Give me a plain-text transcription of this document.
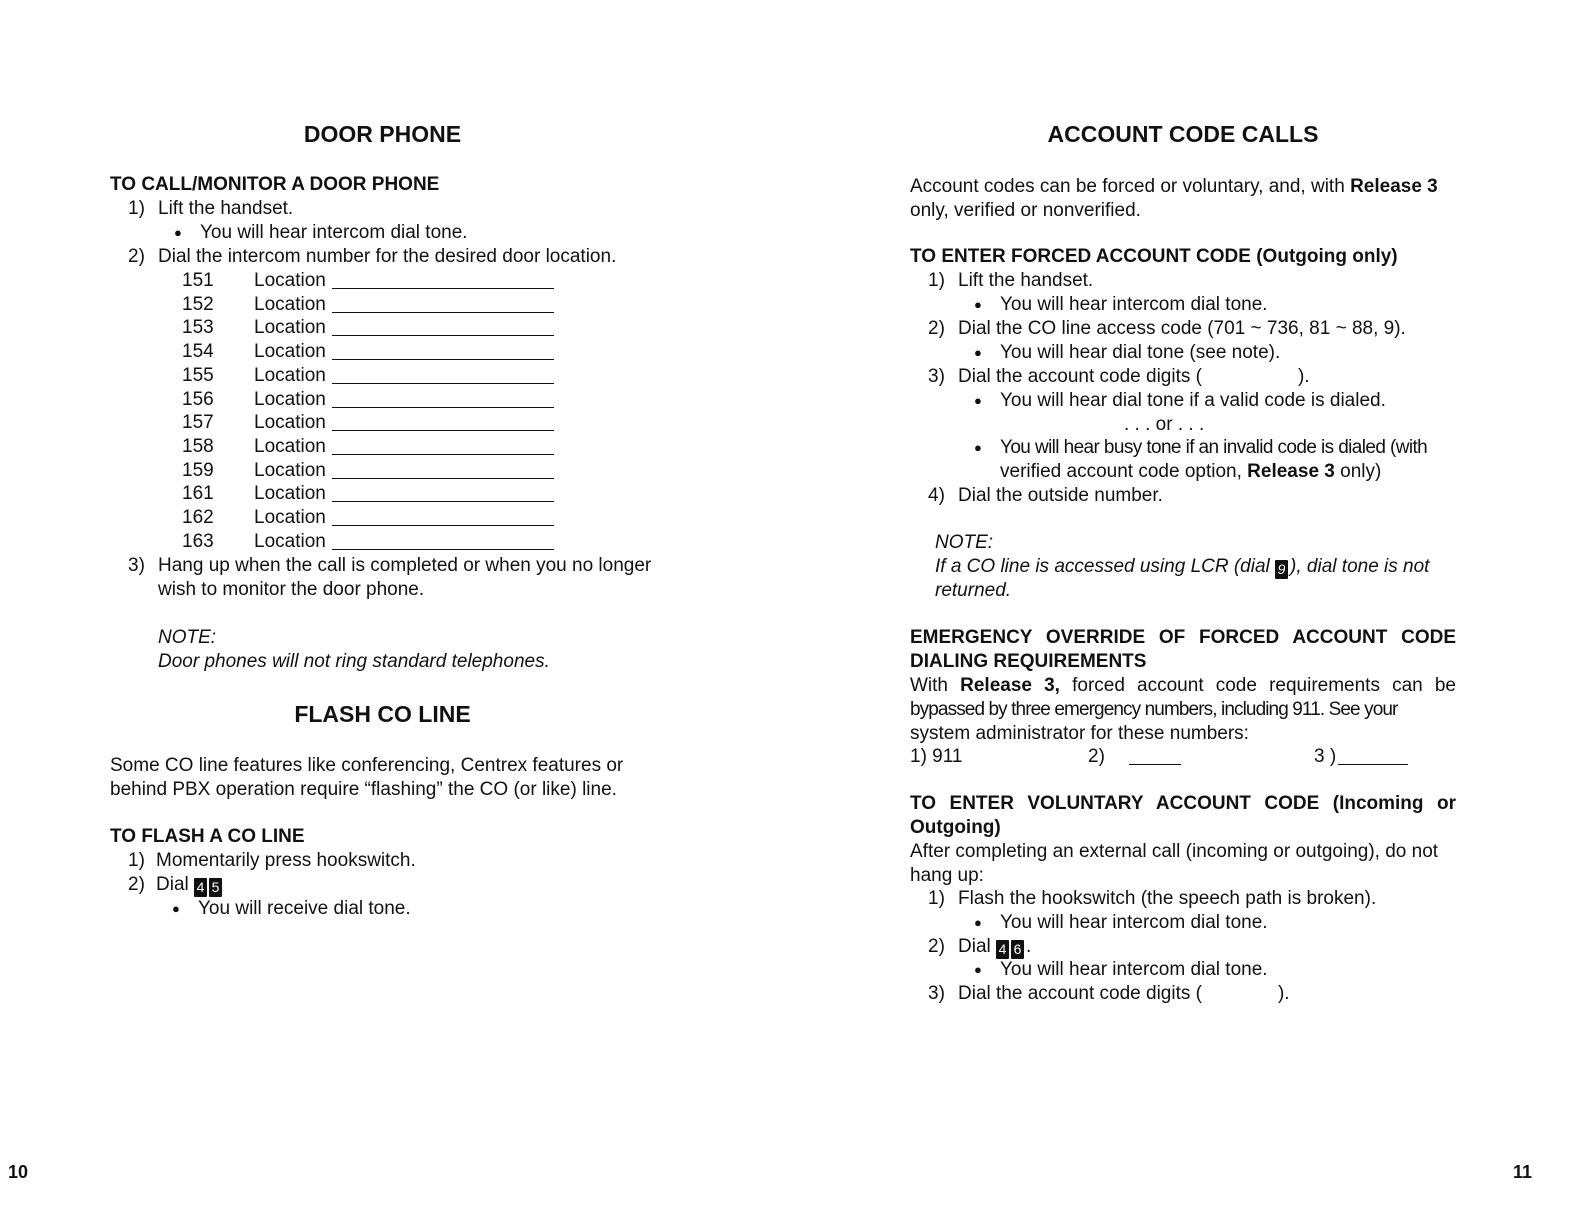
DOOR PHONE
TO CALL/MONITOR A DOOR PHONE
1) Lift the handset.
● You will hear intercom dial tone.
2) Dial the intercom number for the desired door location.
151 Location
152 Location
153 Location
154 Location
155 Location
156 Location
157 Location
158 Location
159 Location
161 Location
162 Location
163 Location
3) Hang up when the call is completed or when you no longer
wish to monitor the door phone.
NOTE:
Door phones will not ring standard telephones.
FLASH CO LINE
Some CO line features like conferencing, Centrex features or
behind PBX operation require “flashing” the CO (or like) line.
TO FLASH A CO LINE
1) Momentarily press hookswitch.
2) Dial 4 5
● You will receive dial tone.
10
ACCOUNT CODE CALLS
Account codes can be forced or voluntary, and, with Release 3
only, verified or nonverified.
TO ENTER FORCED ACCOUNT CODE (Outgoing only)
1) Lift the handset.
● You will hear intercom dial tone.
2) Dial the CO line access code (701 ~ 736, 81 ~ 88, 9).
● You will hear dial tone (see note).
3) Dial the account code digits (	).
● You will hear dial tone if a valid code is dialed.
. . . or . . .
● You will hear busy tone if an invalid code is dialed (with
verified account code option, Release 3 only)
4) Dial the outside number.
NOTE:
If a CO line is accessed using LCR (dial 9 ), dial tone is not
returned.
EMERGENCY OVERRIDE OF FORCED ACCOUNT CODE
DIALING REQUIREMENTS
With Release 3, forced account code requirements can be
bypassed by three emergency numbers, including 911. See your
system administrator for these numbers:
1) 911	2)	3 )
TO ENTER VOLUNTARY ACCOUNT CODE (Incoming or
Outgoing)
After completing an external call (incoming or outgoing), do not
hang up:
1) Flash the hookswitch (the speech path is broken).
● You will hear intercom dial tone.
2) Dial 4 6 .
● You will hear intercom dial tone.
3) Dial the account code digits (	).
11
